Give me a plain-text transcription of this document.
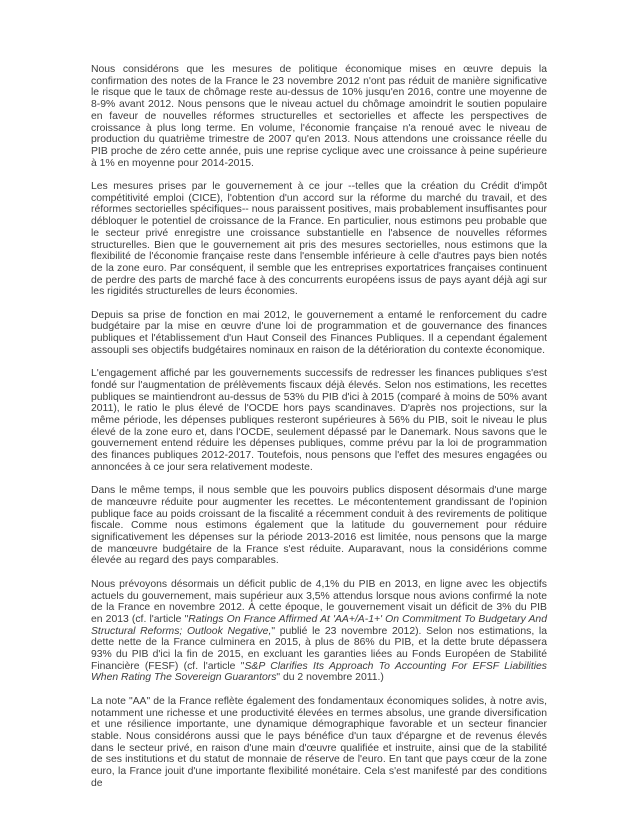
Nous considérons que les mesures de politique économique mises en œuvre depuis la confirmation des notes de la France le 23 novembre 2012 n'ont pas réduit de manière significative le risque que le taux de chômage reste au-dessus de 10% jusqu'en 2016, contre une moyenne de 8-9% avant 2012. Nous pensons que le niveau actuel du chômage amoindrit le soutien populaire en faveur de nouvelles réformes structurelles et sectorielles et affecte les perspectives de croissance à plus long terme. En volume, l'économie française n'a renoué avec le niveau de production du quatrième trimestre de 2007 qu'en 2013. Nous attendons une croissance réelle du PIB proche de zéro cette année, puis une reprise cyclique avec une croissance à peine supérieure à 1% en moyenne pour 2014-2015.

Les mesures prises par le gouvernement à ce jour --telles que la création du Crédit d'impôt compétitivité emploi (CICE), l'obtention d'un accord sur la réforme du marché du travail, et des réformes sectorielles spécifiques-- nous paraissent positives, mais probablement insuffisantes pour débloquer le potentiel de croissance de la France. En particulier, nous estimons peu probable que le secteur privé enregistre une croissance substantielle en l'absence de nouvelles réformes structurelles. Bien que le gouvernement ait pris des mesures sectorielles, nous estimons que la flexibilité de l'économie française reste dans l'ensemble inférieure à celle d'autres pays bien notés de la zone euro. Par conséquent, il semble que les entreprises exportatrices françaises continuent de perdre des parts de marché face à des concurrents européens issus de pays ayant déjà agi sur les rigidités structurelles de leurs économies.

Depuis sa prise de fonction en mai 2012, le gouvernement a entamé le renforcement du cadre budgétaire par la mise en œuvre d'une loi de programmation et de gouvernance des finances publiques et l'établissement d'un Haut Conseil des Finances Publiques. Il a cependant également assoupli ses objectifs budgétaires nominaux en raison de la détérioration du contexte économique.

L'engagement affiché par les gouvernements successifs de redresser les finances publiques s'est fondé sur l'augmentation de prélèvements fiscaux déjà élevés. Selon nos estimations, les recettes publiques se maintiendront au-dessus de 53% du PIB d'ici à 2015 (comparé à moins de 50% avant 2011), le ratio le plus élevé de l'OCDE hors pays scandinaves. D'après nos projections, sur la même période, les dépenses publiques resteront supérieures à 56% du PIB, soit le niveau le plus élevé de la zone euro et, dans l'OCDE, seulement dépassé par le Danemark. Nous savons que le gouvernement entend réduire les dépenses publiques, comme prévu par la loi de programmation des finances publiques 2012-2017. Toutefois, nous pensons que l'effet des mesures engagées ou annoncées à ce jour sera relativement modeste.

Dans le même temps, il nous semble que les pouvoirs publics disposent désormais d'une marge de manœuvre réduite pour augmenter les recettes. Le mécontentement grandissant de l'opinion publique face au poids croissant de la fiscalité a récemment conduit à des revirements de politique fiscale. Comme nous estimons également que la latitude du gouvernement pour réduire significativement les dépenses sur la période 2013-2016 est limitée, nous pensons que la marge de manœuvre budgétaire de la France s'est réduite. Auparavant, nous la considérions comme élevée au regard des pays comparables.

Nous prévoyons désormais un déficit public de 4,1% du PIB en 2013, en ligne avec les objectifs actuels du gouvernement, mais supérieur aux 3,5% attendus lorsque nous avions confirmé la note de la France en novembre 2012. À cette époque, le gouvernement visait un déficit de 3% du PIB en 2013 (cf. l'article "Ratings On France Affirmed At 'AA+/A-1+' On Commitment To Budgetary And Structural Reforms; Outlook Negative," publié le 23 novembre 2012). Selon nos estimations, la dette nette de la France culminera en 2015, à plus de 86% du PIB, et la dette brute dépassera 93% du PIB d'ici la fin de 2015, en excluant les garanties liées au Fonds Européen de Stabilité Financière (FESF) (cf. l'article "S&P Clarifies Its Approach To Accounting For EFSF Liabilities When Rating The Sovereign Guarantors" du 2 novembre 2011.)

La note "AA" de la France reflète également des fondamentaux économiques solides, à notre avis, notamment une richesse et une productivité élevées en termes absolus, une grande diversification et une résilience importante, une dynamique démographique favorable et un secteur financier stable. Nous considérons aussi que le pays bénéfice d'un taux d'épargne et de revenus élevés dans le secteur privé, en raison d'une main d'œuvre qualifiée et instruite, ainsi que de la stabilité de ses institutions et du statut de monnaie de réserve de l'euro. En tant que pays cœur de la zone euro, la France jouit d'une importante flexibilité monétaire. Cela s'est manifesté par des conditions de
